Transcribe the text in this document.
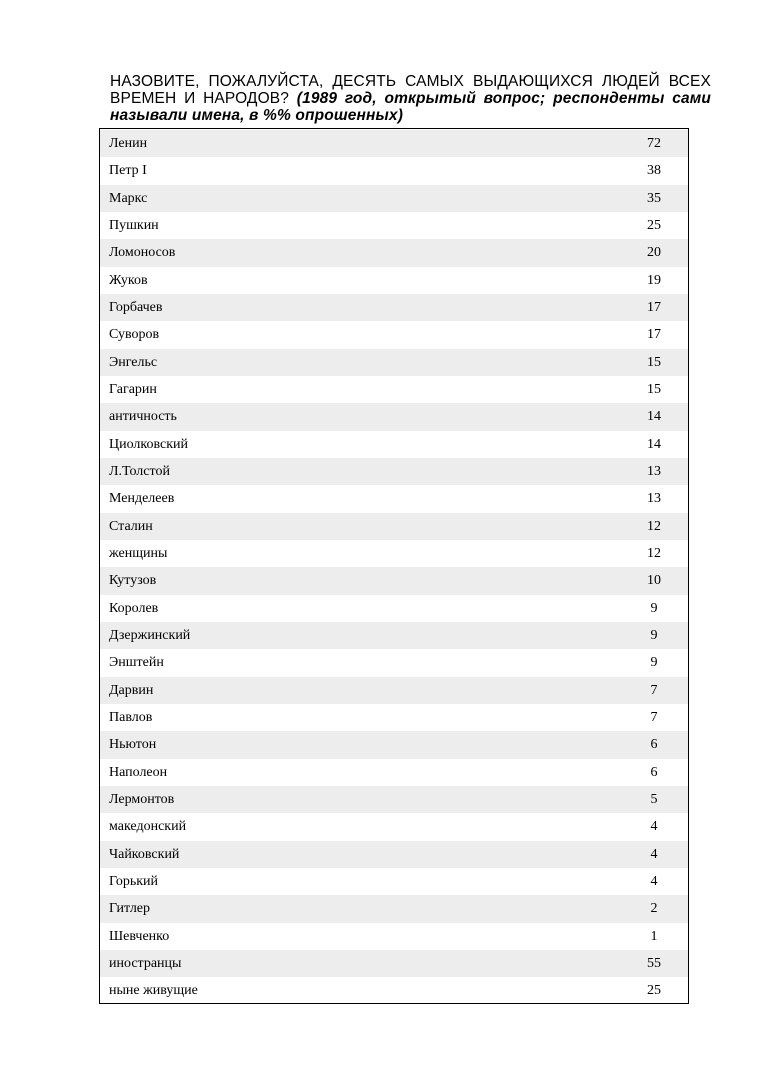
НАЗОВИТЕ, ПОЖАЛУЙСТА, ДЕСЯТЬ САМЫХ ВЫДАЮЩИХСЯ ЛЮДЕЙ ВСЕХ ВРЕМЕН И НАРОДОВ? (1989 год, открытый вопрос; респонденты сами называли имена, в %% опрошенных)
Ленин	72
Петр I	38
Маркс	35
Пушкин	25
Ломоносов	20
Жуков	19
Горбачев	17
Суворов	17
Энгельс	15
Гагарин	15
античность	14
Циолковский	14
Л.Толстой	13
Менделеев	13
Сталин	12
женщины	12
Кутузов	10
Королев	9
Дзержинский	9
Энштейн	9
Дарвин	7
Павлов	7
Ньютон	6
Наполеон	6
Лермонтов	5
македонский	4
Чайковский	4
Горький	4
Гитлер	2
Шевченко	1
иностранцы	55
ныне живущие	25
